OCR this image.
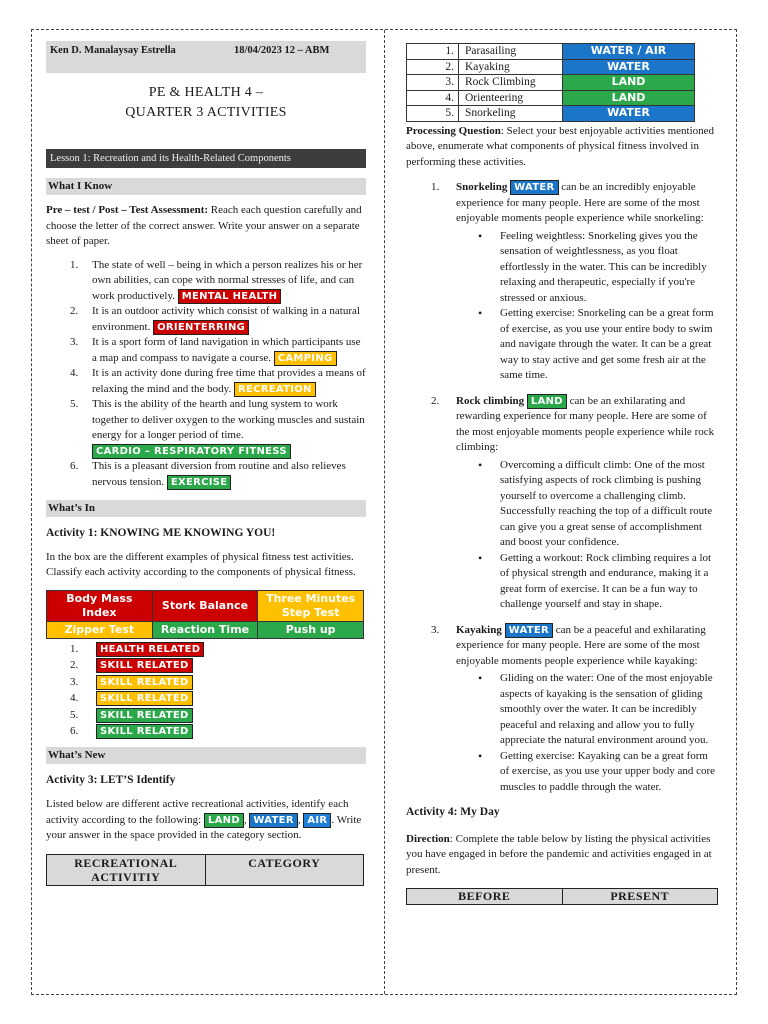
Ken D. Manalaysay Estrella	18/04/2023 12 – ABM
PE & HEALTH 4 – QUARTER 3 ACTIVITIES
Lesson 1: Recreation and its Health-Related Components
What I Know

Pre – test / Post – Test Assessment: Reach each question carefully and choose the letter of the correct answer. Write your answer on a separate sheet of paper.

1. The state of well – being in which a person realizes his or her own abilities, can cope with normal stresses of life, and can work productively. MENTAL HEALTH
2. It is an outdoor activity which consist of walking in a natural environment. ORIENTERRING
3. It is a sport form of land navigation in which participants use a map and compass to navigate a course. CAMPING
4. It is an activity done during free time that provides a means of relaxing the mind and the body. RECREATION
5. This is the ability of the hearth and lung system to work together to deliver oxygen to the working muscles and sustain energy for a longer period of time. CARDIO – RESPIRATORY FITNESS
6. This is a pleasant diversion from routine and also relieves nervous tension. EXERCISE
What’s In

Activity 1: KNOWING ME KNOWING YOU!

In the box are the different examples of physical fitness test activities. Classify each activity according to the components of physical fitness.

Body Mass Index	Stork Balance	Three Minutes Step Test
Zipper Test	Reaction Time	Push up
1. HEALTH RELATED
2. SKILL RELATED
3. SKILL RELATED
4. SKILL RELATED
5. SKILL RELATED
6. SKILL RELATED
What’s New

Activity 3: LET’S Identify

Listed below are different active recreational activities, identify each activity according to the following: LAND , WATER , AIR . Write your answer in the space provided in the category section.

RECREATIONAL ACTIVITIY	CATEGORY
1.	Parasailing	WATER / AIR
2.	Kayaking	WATER
3.	Rock Climbing	LAND
4.	Orienteering	LAND
5.	Snorkeling	WATER

Processing Question: Select your best enjoyable activities mentioned above, enumerate what components of physical fitness involved in performing these activities.

1. Snorkeling WATER can be an incredibly enjoyable experience for many people. Here are some of the most enjoyable moments people experience while snorkeling:
• Feeling weightless: Snorkeling gives you the sensation of weightlessness, as you float effortlessly in the water. This can be incredibly relaxing and therapeutic, especially if you're stressed or anxious.
• Getting exercise: Snorkeling can be a great form of exercise, as you use your entire body to swim and navigate through the water. It can be a great way to stay active and get some fresh air at the same time.
2. Rock climbing LAND can be an exhilarating and rewarding experience for many people. Here are some of the most enjoyable moments people experience while rock climbing:
• Overcoming a difficult climb: One of the most satisfying aspects of rock climbing is pushing yourself to overcome a challenging climb. Successfully reaching the top of a difficult route can give you a great sense of accomplishment and boost your confidence.
• Getting a workout: Rock climbing requires a lot of physical strength and endurance, making it a great form of exercise. It can be a fun way to challenge yourself and stay in shape.
3. Kayaking WATER can be a peaceful and exhilarating experience for many people. Here are some of the most enjoyable moments people experience while kayaking:
• Gliding on the water: One of the most enjoyable aspects of kayaking is the sensation of gliding smoothly over the water. It can be incredibly peaceful and relaxing and allow you to fully appreciate the natural environment around you.
• Getting exercise: Kayaking can be a great form of exercise, as you use your upper body and core muscles to paddle through the water.

Activity 4: My Day

Direction: Complete the table below by listing the physical activities you have engaged in before the pandemic and activities engaged in at present.

BEFORE	PRESENT
